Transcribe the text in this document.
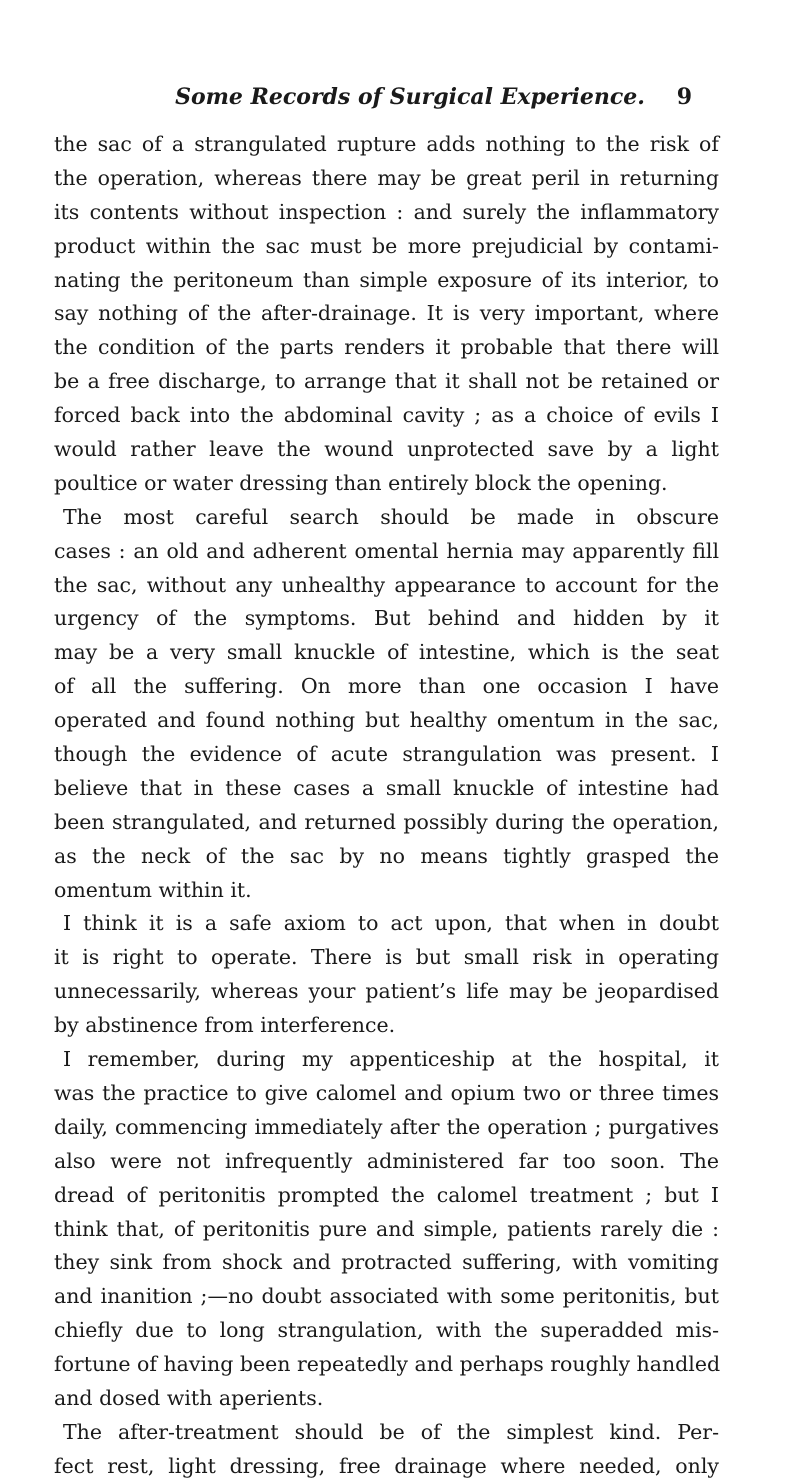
Some Records of Surgical Experience.	9
the sac of a strangulated rupture adds nothing to the risk of
the operation, whereas there may be great peril in returning
its contents without inspection : and surely the inflammatory
product within the sac must be more prejudicial by contami-
nating the peritoneum than simple exposure of its interior, to
say nothing of the after-drainage. It is very important, where
the condition of the parts renders it probable that there will
be a free discharge, to arrange that it shall not be retained or
forced back into the abdominal cavity ; as a choice of evils I
would rather leave the wound unprotected save by a light
poultice or water dressing than entirely block the opening.
The most careful search should be made in obscure
cases : an old and adherent omental hernia may apparently fill
the sac, without any unhealthy appearance to account for the
urgency of the symptoms. But behind and hidden by it
may be a very small knuckle of intestine, which is the seat
of all the suffering. On more than one occasion I have
operated and found nothing but healthy omentum in the sac,
though the evidence of acute strangulation was present. I
believe that in these cases a small knuckle of intestine had
been strangulated, and returned possibly during the operation,
as the neck of the sac by no means tightly grasped the
omentum within it.
I think it is a safe axiom to act upon, that when in doubt
it is right to operate. There is but small risk in operating
unnecessarily, whereas your patient’s life may be jeopardised
by abstinence from interference.
I remember, during my appenticeship at the hospital, it
was the practice to give calomel and opium two or three times
daily, commencing immediately after the operation ; purgatives
also were not infrequently administered far too soon. The
dread of peritonitis prompted the calomel treatment ; but I
think that, of peritonitis pure and simple, patients rarely die :
they sink from shock and protracted suffering, with vomiting
and inanition ;—no doubt associated with some peritonitis, but
chiefly due to long strangulation, with the superadded mis-
fortune of having been repeatedly and perhaps roughly handled
and dosed with aperients.
The after-treatment should be of the simplest kind. Per-
fect rest, light dressing, free drainage where needed, only
